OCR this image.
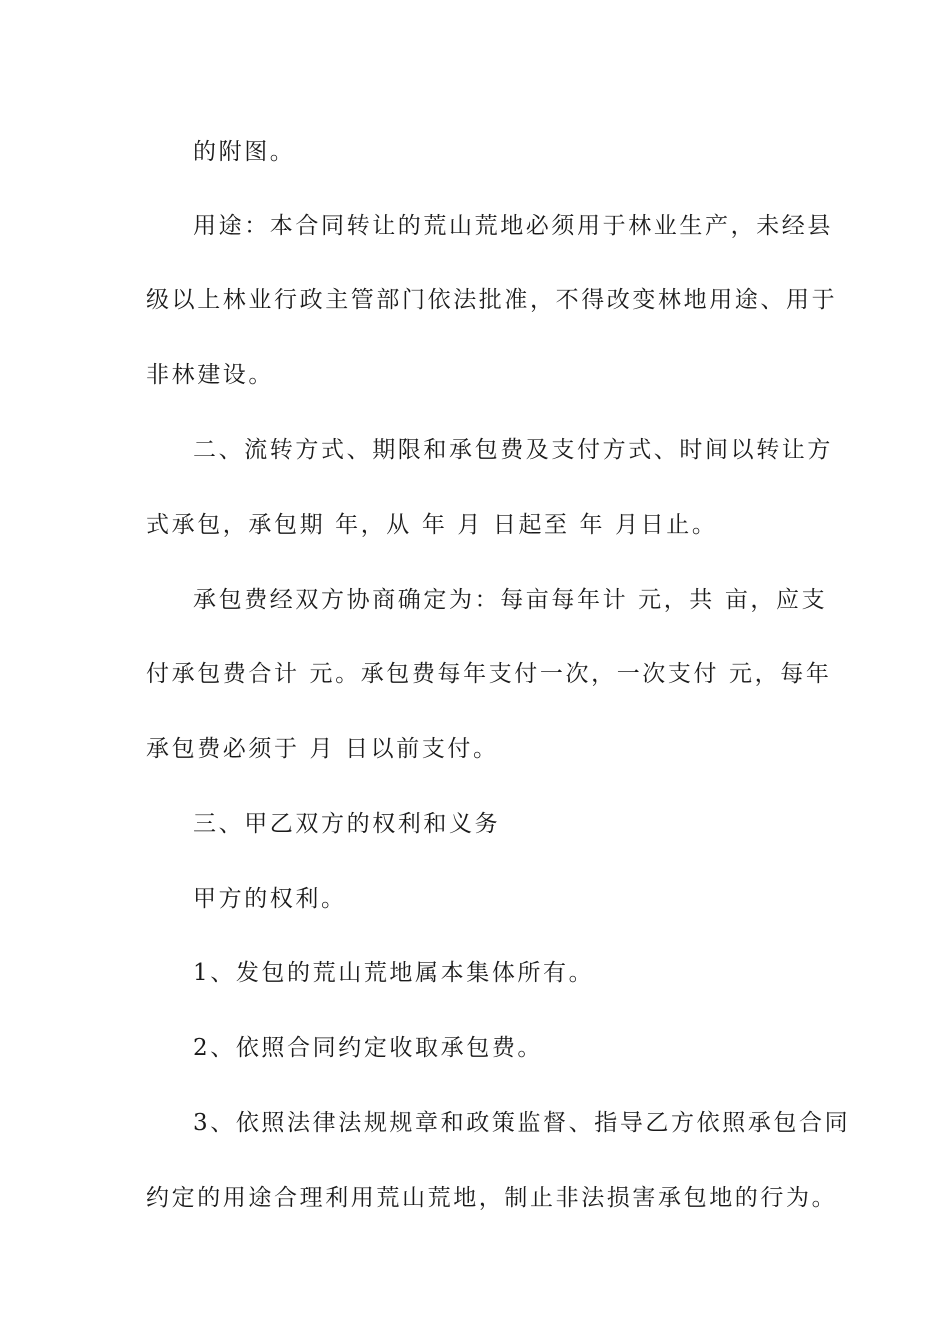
的附图。
用途：本合同转让的荒山荒地必须用于林业生产，未经县
级以上林业行政主管部门依法批准，不得改变林地用途、用于
非林建设。
二、流转方式、期限和承包费及支付方式、时间以转让方
式承包，承包期 年，从 年 月 日起至 年 月日止。
承包费经双方协商确定为：每亩每年计 元，共 亩，应支
付承包费合计 元。承包费每年支付一次，一次支付 元，每年
承包费必须于 月 日以前支付。
三、甲乙双方的权利和义务
甲方的权利。
1、发包的荒山荒地属本集体所有。
2、依照合同约定收取承包费。
3、依照法律法规规章和政策监督、指导乙方依照承包合同
约定的用途合理利用荒山荒地，制止非法损害承包地的行为。
